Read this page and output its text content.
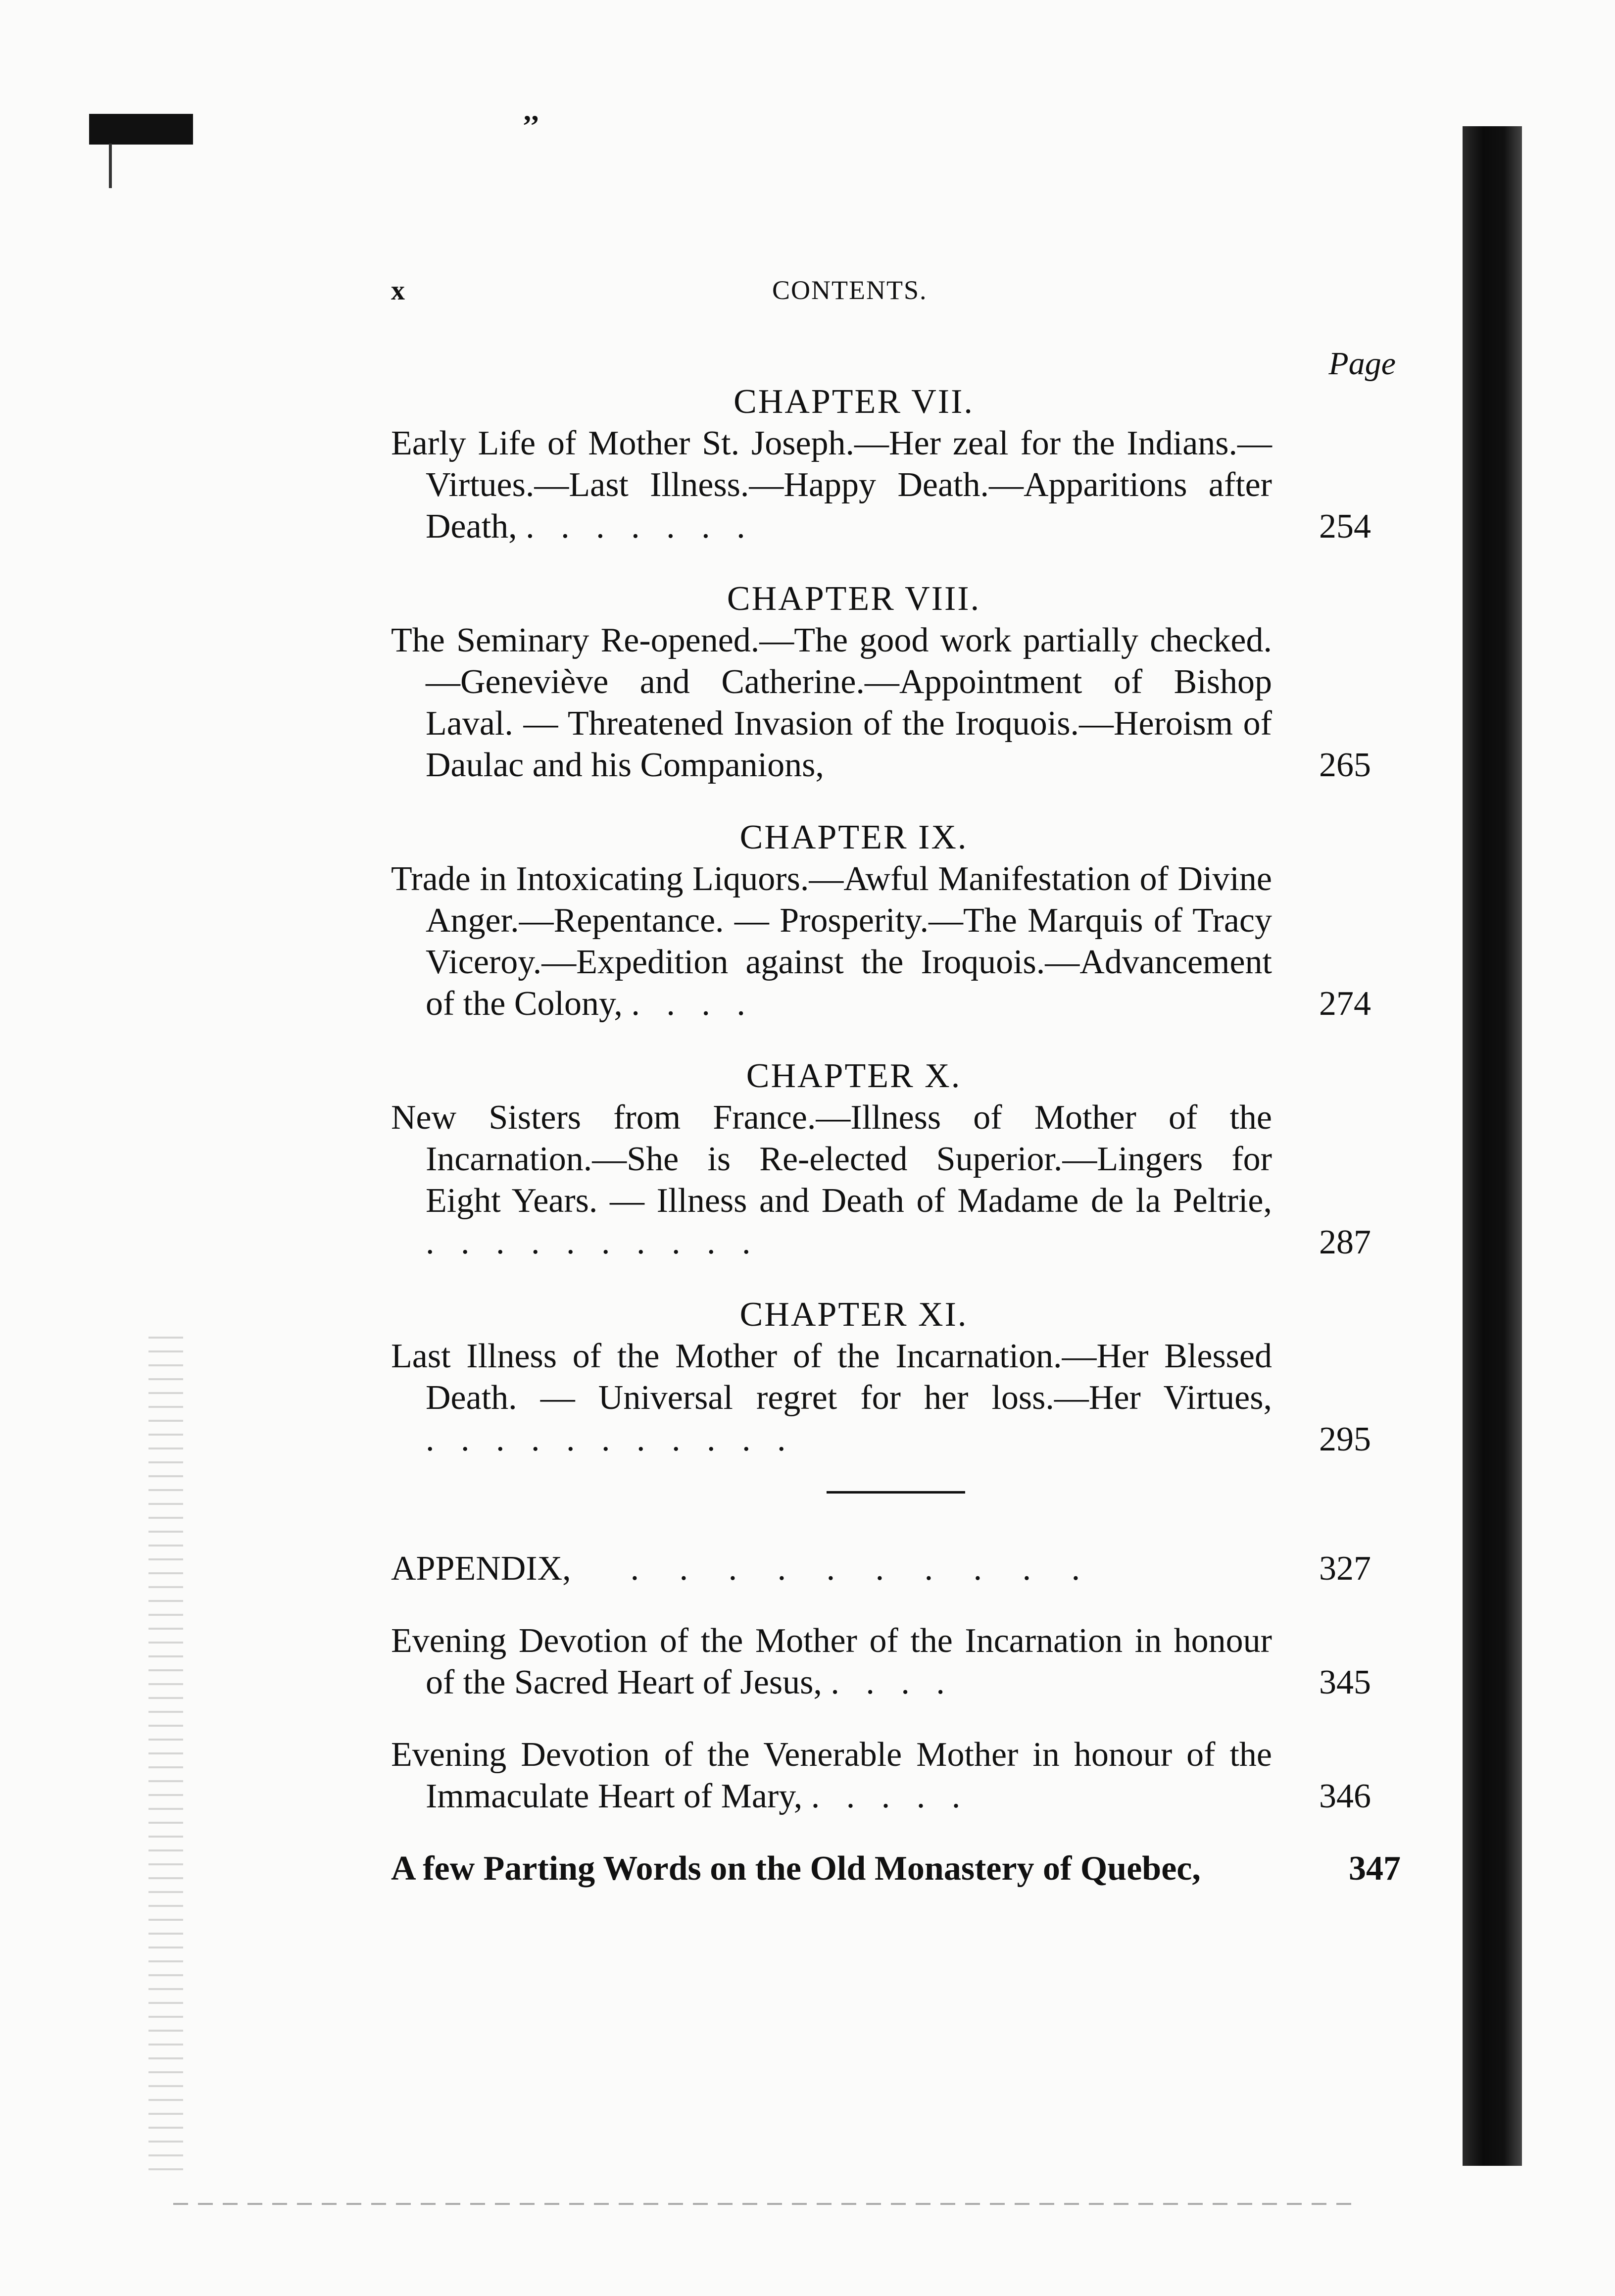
’’
x	CONTENTS.
Page
CHAPTER VII.
Early Life of Mother St. Joseph.—Her zeal for the Indians.—Virtues.—Last Illness.—Happy Death.—Apparitions after Death, . . . . . . .	254
CHAPTER VIII.
The Seminary Re-opened.—The good work partially checked.—Geneviève and Catherine.—Appointment of Bishop Laval. — Threatened Invasion of the Iroquois.—Heroism of Daulac and his Companions,	265
CHAPTER IX.
Trade in Intoxicating Liquors.—Awful Manifestation of Divine Anger.—Repentance. — Prosperity.—The Marquis of Tracy Viceroy.—Expedition against the Iroquois.—Advancement of the Colony, . . . .	274
CHAPTER X.
New Sisters from France.—Illness of Mother of the Incarnation.—She is Re-elected Superior.—Lingers for Eight Years. — Illness and Death of Madame de la Peltrie, . . . . . . . . . .	287
CHAPTER XI.
Last Illness of the Mother of the Incarnation.—Her Blessed Death. — Universal regret for her loss.—Her Virtues, . . . . . . . . . . .	295
APPENDIX, . . . . . . . . . .	327
Evening Devotion of the Mother of the Incarnation in honour of the Sacred Heart of Jesus, . . . .	345
Evening Devotion of the Venerable Mother in honour of the Immaculate Heart of Mary, . . . . .	346
A few Parting Words on the Old Monastery of Quebec,	347
